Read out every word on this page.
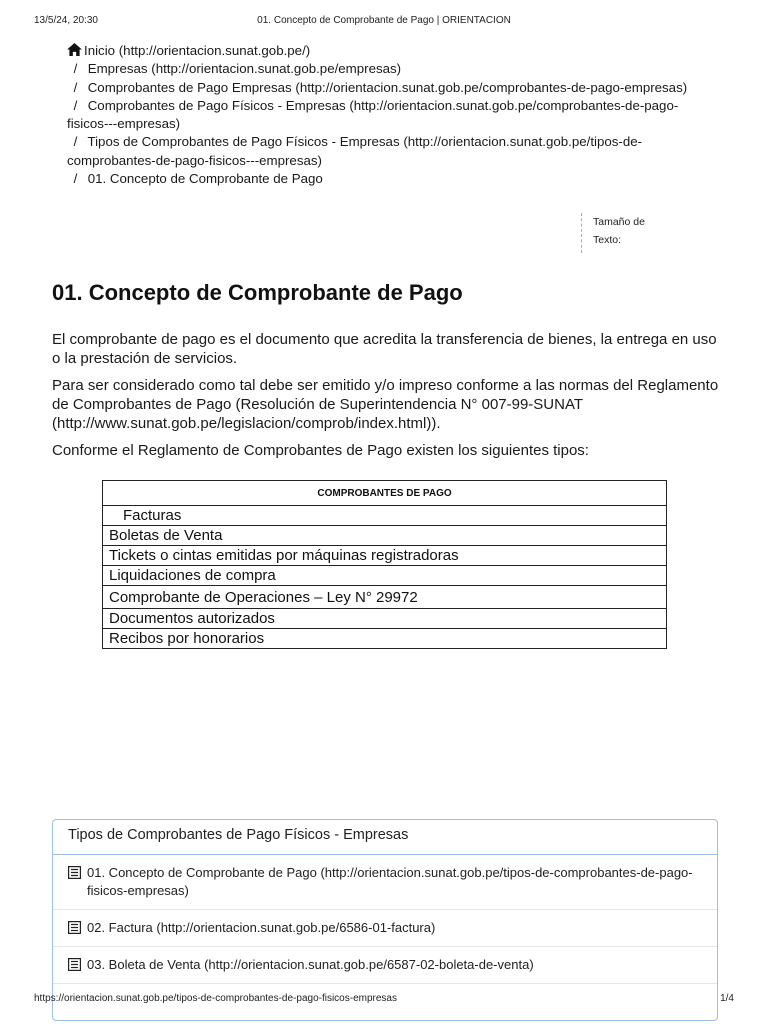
13/5/24, 20:30	01. Concepto de Comprobante de Pago | ORIENTACION
Inicio (http://orientacion.sunat.gob.pe/)
/ Empresas (http://orientacion.sunat.gob.pe/empresas)
/ Comprobantes de Pago Empresas (http://orientacion.sunat.gob.pe/comprobantes-de-pago-empresas)
/ Comprobantes de Pago Físicos - Empresas (http://orientacion.sunat.gob.pe/comprobantes-de-pago-fisicos---empresas)
/ Tipos de Comprobantes de Pago Físicos - Empresas (http://orientacion.sunat.gob.pe/tipos-de-comprobantes-de-pago-fisicos---empresas)
/ 01. Concepto de Comprobante de Pago
Tamaño de
Texto:
01. Concepto de Comprobante de Pago

El comprobante de pago es el documento que acredita la transferencia de bienes, la entrega en uso o la prestación de servicios.

Para ser considerado como tal debe ser emitido y/o impreso conforme a las normas del Reglamento de Comprobantes de Pago (Resolución de Superintendencia N° 007-99-SUNAT (http://www.sunat.gob.pe/legislacion/comprob/index.html)).

Conforme el Reglamento de Comprobantes de Pago existen los siguientes tipos:

COMPROBANTES DE PAGO
Facturas
Boletas de Venta
Tickets o cintas emitidas por máquinas registradoras
Liquidaciones de compra
Comprobante de Operaciones – Ley N° 29972
Documentos autorizados
Recibos por honorarios
Tipos de Comprobantes de Pago Físicos - Empresas
01. Concepto de Comprobante de Pago (http://orientacion.sunat.gob.pe/tipos-de-comprobantes-de-pago-fisicos-empresas)
02. Factura (http://orientacion.sunat.gob.pe/6586-01-factura)
03. Boleta de Venta (http://orientacion.sunat.gob.pe/6587-02-boleta-de-venta)
https://orientacion.sunat.gob.pe/tipos-de-comprobantes-de-pago-fisicos-empresas	1/4
